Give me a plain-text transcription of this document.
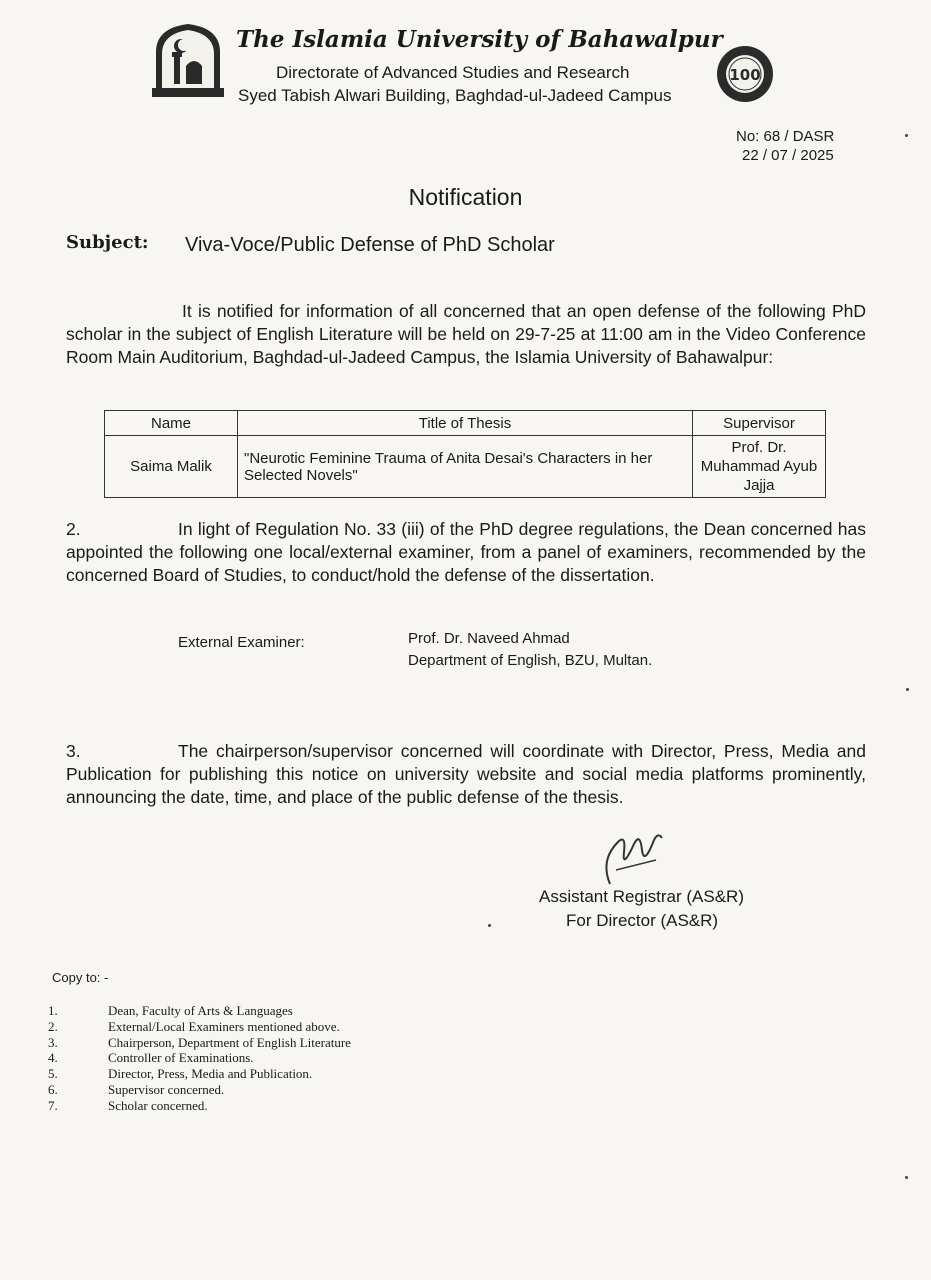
The Islamia University of Bahawalpur
Directorate of Advanced Studies and Research
Syed Tabish Alwari Building, Baghdad-ul-Jadeed Campus
100
No: 68 / DASR
22 / 07 / 2025
Notification
Subject: Viva-Voce/Public Defense of PhD Scholar
It is notified for information of all concerned that an open defense of the following PhD scholar in the subject of English Literature will be held on 29-7-25 at 11:00 am in the Video Conference Room Main Auditorium, Baghdad-ul-Jadeed Campus, the Islamia University of Bahawalpur:
Name	Title of Thesis	Supervisor
Saima Malik	"Neurotic Feminine Trauma of Anita Desai's Characters in her Selected Novels"	Prof. Dr. Muhammad Ayub Jajja
2.	In light of Regulation No. 33 (iii) of the PhD degree regulations, the Dean concerned has appointed the following one local/external examiner, from a panel of examiners, recommended by the concerned Board of Studies, to conduct/hold the defense of the dissertation.
External Examiner:	Prof. Dr. Naveed Ahmad
Department of English, BZU, Multan.
3.	The chairperson/supervisor concerned will coordinate with Director, Press, Media and Publication for publishing this notice on university website and social media platforms prominently, announcing the date, time, and place of the public defense of the thesis.
Assistant Registrar (AS&R)
For Director (AS&R)
Copy to: -
1.	Dean, Faculty of Arts & Languages
2.	External/Local Examiners mentioned above.
3.	Chairperson, Department of English Literature
4.	Controller of Examinations.
5.	Director, Press, Media and Publication.
6.	Supervisor concerned.
7.	Scholar concerned.
